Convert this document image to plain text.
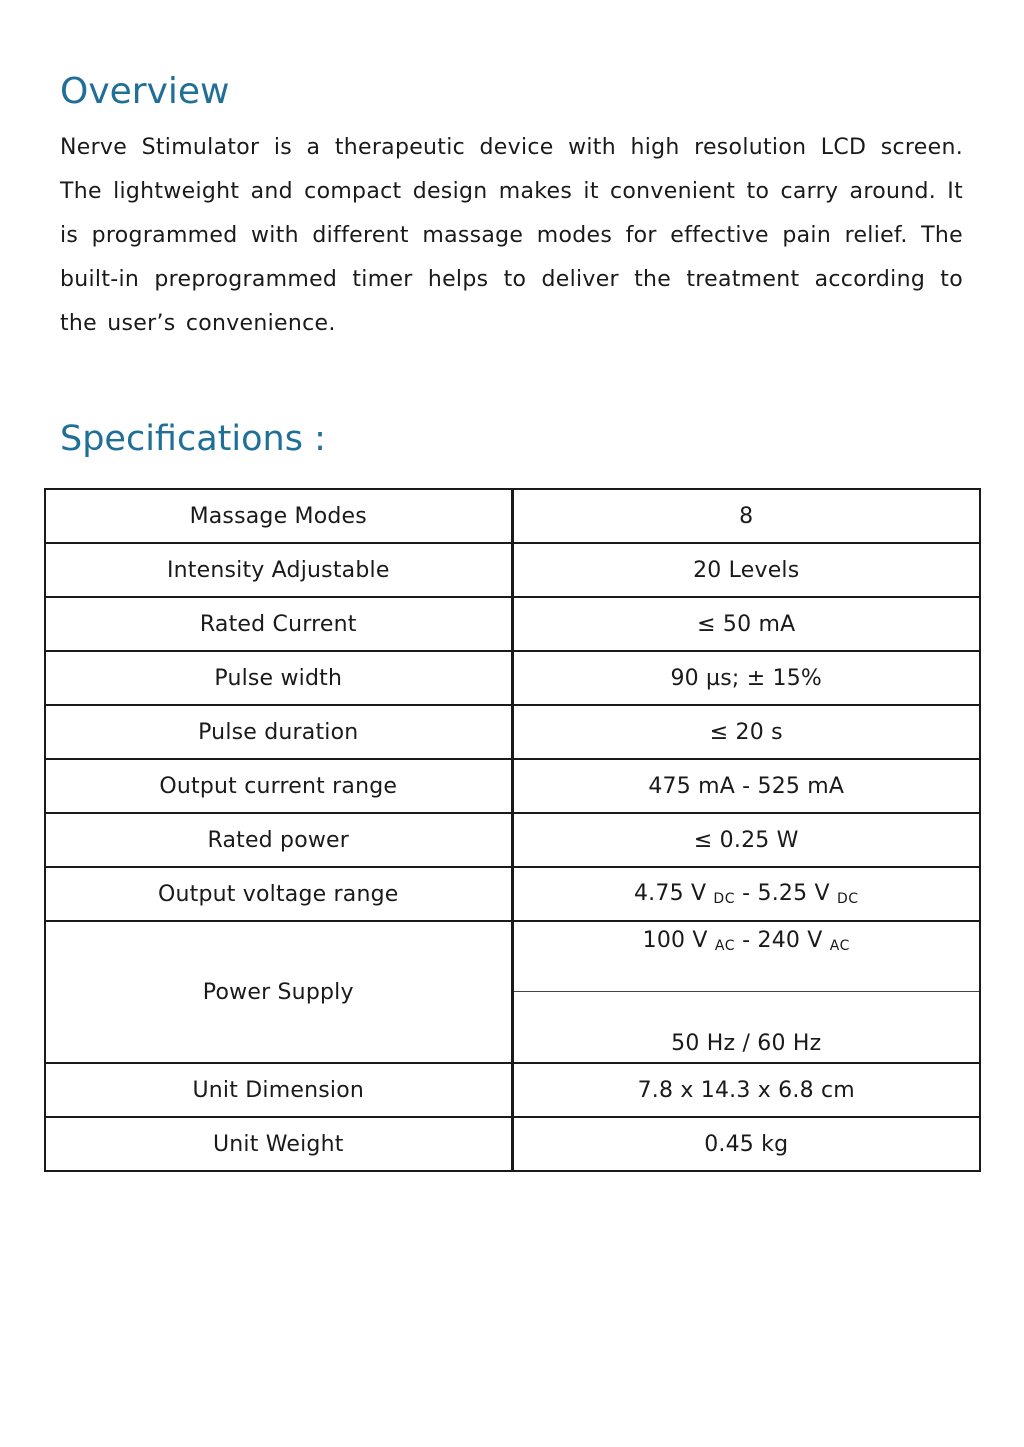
Overview

Nerve Stimulator is a therapeutic device with high resolution LCD screen. The lightweight and compact design makes it convenient to carry around. It is programmed with different massage modes for effective pain relief. The built-in preprogrammed timer helps to deliver the treatment according to the user’s convenience.

Specifications :
Massage Modes	8
Intensity Adjustable	20 Levels
Rated Current	≤ 50 mA
Pulse width	90 µs; ± 15%
Pulse duration	≤ 20 s
Output current range	475 mA - 525 mA
Rated power	≤ 0.25 W
Output voltage range	4.75 V $_{DC}$ - 5.25 V $_{DC}$
Power Supply	100 V $_{AC}$ - 240 V $_{AC}$
	50 Hz / 60 Hz
Unit Dimension	7.8 x 14.3 x 6.8 cm
Unit Weight	0.45 kg
